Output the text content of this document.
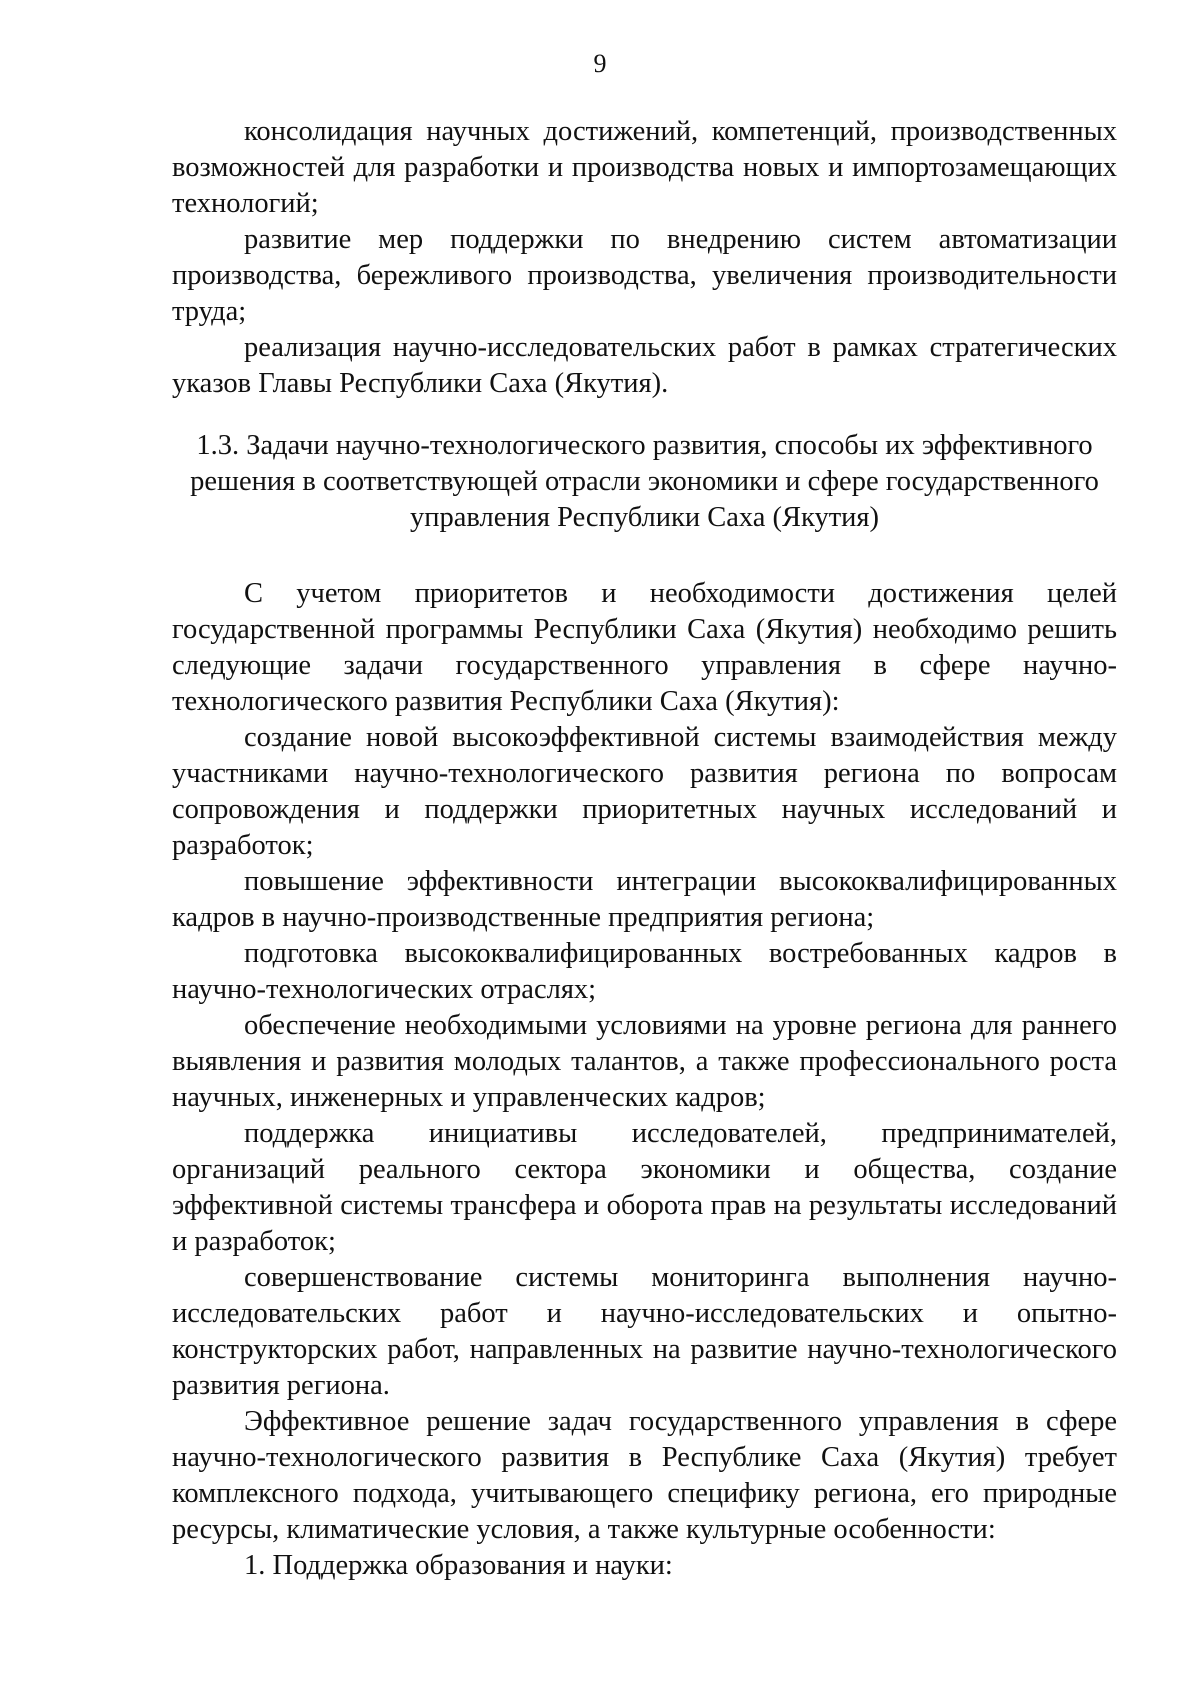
9

консолидация научных достижений, компетенций, производственных возможностей для разработки и производства новых и импортозамещающих технологий;

развитие мер поддержки по внедрению систем автоматизации производства, бережливого производства, увеличения производительности труда;

реализация научно-исследовательских работ в рамках стратегических указов Главы Республики Саха (Якутия).

1.3. Задачи научно-технологического развития, способы их эффективного решения в соответствующей отрасли экономики и сфере государственного управления Республики Саха (Якутия)

С учетом приоритетов и необходимости достижения целей государственной программы Республики Саха (Якутия) необходимо решить следующие задачи государственного управления в сфере научно-технологического развития Республики Саха (Якутия):

создание новой высокоэффективной системы взаимодействия между участниками научно-технологического развития региона по вопросам сопровождения и поддержки приоритетных научных исследований и разработок;

повышение эффективности интеграции высококвалифицированных кадров в научно-производственные предприятия региона;

подготовка высококвалифицированных востребованных кадров в научно-технологических отраслях;

обеспечение необходимыми условиями на уровне региона для раннего выявления и развития молодых талантов, а также профессионального роста научных, инженерных и управленческих кадров;

поддержка инициативы исследователей, предпринимателей, организаций реального сектора экономики и общества, создание эффективной системы трансфера и оборота прав на результаты исследований и разработок;

совершенствование системы мониторинга выполнения научно-исследовательских работ и научно-исследовательских и опытно-конструкторских работ, направленных на развитие научно-технологического развития региона.

Эффективное решение задач государственного управления в сфере научно-технологического развития в Республике Саха (Якутия) требует комплексного подхода, учитывающего специфику региона, его природные ресурсы, климатические условия, а также культурные особенности:

1. Поддержка образования и науки:
